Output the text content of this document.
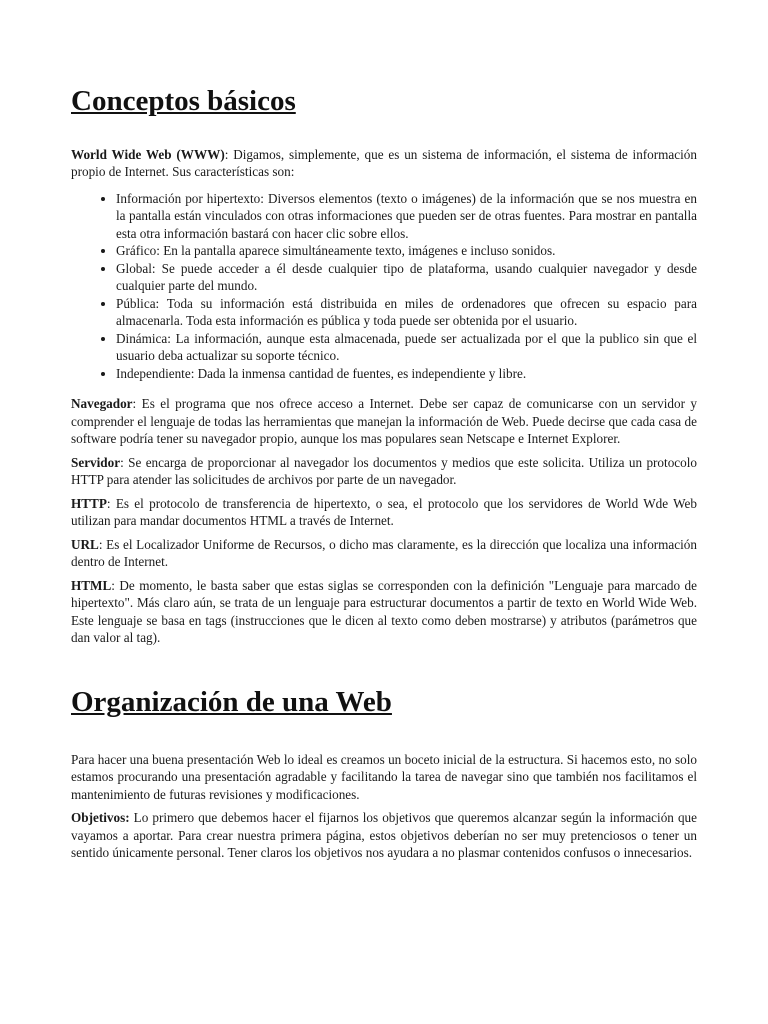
Conceptos básicos

World Wide Web (WWW): Digamos, simplemente, que es un sistema de información, el sistema de información propio de Internet. Sus características son:

• Información por hipertexto: Diversos elementos (texto o imágenes) de la información que se nos muestra en la pantalla están vinculados con otras informaciones que pueden ser de otras fuentes. Para mostrar en pantalla esta otra información bastará con hacer clic sobre ellos.
• Gráfico: En la pantalla aparece simultáneamente texto, imágenes e incluso sonidos.
• Global: Se puede acceder a él desde cualquier tipo de plataforma, usando cualquier navegador y desde cualquier parte del mundo.
• Pública: Toda su información está distribuida en miles de ordenadores que ofrecen su espacio para almacenarla. Toda esta información es pública y toda puede ser obtenida por el usuario.
• Dinámica: La información, aunque esta almacenada, puede ser actualizada por el que la publico sin que el usuario deba actualizar su soporte técnico.
• Independiente: Dada la inmensa cantidad de fuentes, es independiente y libre.

Navegador: Es el programa que nos ofrece acceso a Internet. Debe ser capaz de comunicarse con un servidor y comprender el lenguaje de todas las herramientas que manejan la información de Web. Puede decirse que cada casa de software podría tener su navegador propio, aunque los mas populares sean Netscape e Internet Explorer.

Servidor: Se encarga de proporcionar al navegador los documentos y medios que este solicita. Utiliza un protocolo HTTP para atender las solicitudes de archivos por parte de un navegador.

HTTP: Es el protocolo de transferencia de hipertexto, o sea, el protocolo que los servidores de World Wde Web utilizan para mandar documentos HTML a través de Internet.

URL: Es el Localizador Uniforme de Recursos, o dicho mas claramente, es la dirección que localiza una información dentro de Internet.

HTML: De momento, le basta saber que estas siglas se corresponden con la definición "Lenguaje para marcado de hipertexto". Más claro aún, se trata de un lenguaje para estructurar documentos a partir de texto en World Wide Web. Este lenguaje se basa en tags (instrucciones que le dicen al texto como deben mostrarse) y atributos (parámetros que dan valor al tag).

Organización de una Web

Para hacer una buena presentación Web lo ideal es creamos un boceto inicial de la estructura. Si hacemos esto, no solo estamos procurando una presentación agradable y facilitando la tarea de navegar sino que también nos facilitamos el mantenimiento de futuras revisiones y modificaciones.

Objetivos: Lo primero que debemos hacer el fijarnos los objetivos que queremos alcanzar según la información que vayamos a aportar. Para crear nuestra primera página, estos objetivos deberían no ser muy pretenciosos o tener un sentido únicamente personal. Tener claros los objetivos nos ayudara a no plasmar contenidos confusos o innecesarios.
